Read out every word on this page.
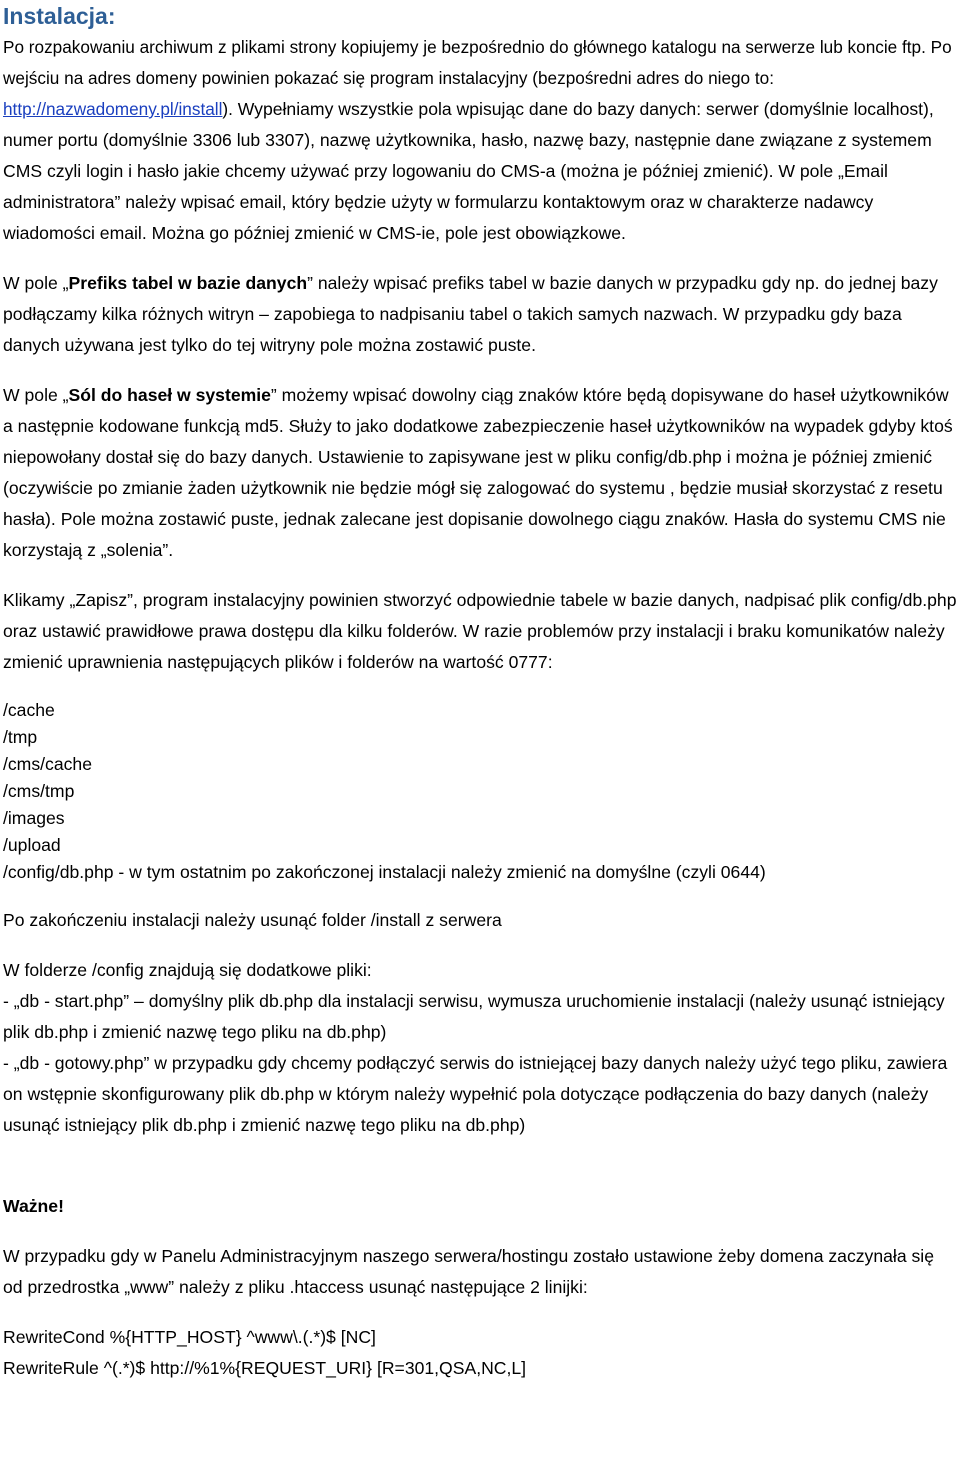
Instalacja:

Po rozpakowaniu archiwum z plikami strony kopiujemy je bezpośrednio do głównego katalogu na serwerze lub koncie ftp. Po wejściu na adres domeny powinien pokazać się program instalacyjny (bezpośredni adres do niego to: http://nazwadomeny.pl/install). Wypełniamy wszystkie pola wpisując dane do bazy danych: serwer (domyślnie localhost), numer portu (domyślnie 3306 lub 3307), nazwę użytkownika, hasło, nazwę bazy, następnie dane związane z systemem CMS czyli login i hasło jakie chcemy używać przy logowaniu do CMS-a (można je później zmienić). W pole „Email administratora” należy wpisać email, który będzie użyty w formularzu kontaktowym oraz w charakterze nadawcy wiadomości email. Można go później zmienić w CMS-ie, pole jest obowiązkowe.

W pole „Prefiks tabel w bazie danych” należy wpisać prefiks tabel w bazie danych w przypadku gdy np. do jednej bazy podłączamy kilka różnych witryn – zapobiega to nadpisaniu tabel o takich samych nazwach. W przypadku gdy baza danych używana jest tylko do tej witryny pole można zostawić puste.

W pole „Sól do haseł w systemie” możemy wpisać dowolny ciąg znaków które będą dopisywane do haseł użytkowników a następnie kodowane funkcją md5. Służy to jako dodatkowe zabezpieczenie haseł użytkowników na wypadek gdyby ktoś niepowołany dostał się do bazy danych. Ustawienie to zapisywane jest w pliku config/db.php i można je później zmienić (oczywiście po zmianie żaden użytkownik nie będzie mógł się zalogować do systemu , będzie musiał skorzystać z resetu hasła). Pole można zostawić puste, jednak zalecane jest dopisanie dowolnego ciągu znaków. Hasła do systemu CMS nie korzystają z „solenia”.

Klikamy „Zapisz”, program instalacyjny powinien stworzyć odpowiednie tabele w bazie danych, nadpisać plik config/db.php oraz ustawić prawidłowe prawa dostępu dla kilku folderów. W razie problemów przy instalacji i braku komunikatów należy zmienić uprawnienia następujących plików i folderów na wartość 0777:

/cache
/tmp
/cms/cache
/cms/tmp
/images
/upload
/config/db.php - w tym ostatnim po zakończonej instalacji należy zmienić na domyślne (czyli 0644)

Po zakończeniu instalacji należy usunąć folder /install z serwera

W folderze /config znajdują się dodatkowe pliki:

- „db - start.php” – domyślny plik db.php dla instalacji serwisu, wymusza uruchomienie instalacji (należy usunąć istniejący plik db.php i zmienić nazwę tego pliku na db.php)

- „db - gotowy.php” w przypadku gdy chcemy podłączyć serwis do istniejącej bazy danych należy użyć tego pliku, zawiera on wstępnie skonfigurowany plik db.php w którym należy wypełnić pola dotyczące podłączenia do bazy danych (należy usunąć istniejący plik db.php i zmienić nazwę tego pliku na db.php)

Ważne!

W przypadku gdy w Panelu Administracyjnym naszego serwera/hostingu zostało ustawione żeby domena zaczynała się od przedrostka „www” należy z pliku .htaccess usunąć następujące 2 linijki:

RewriteCond %{HTTP_HOST} ^www\.(.*)$ [NC]

RewriteRule ^(.*)$ http://%1%{REQUEST_URI} [R=301,QSA,NC,L]
